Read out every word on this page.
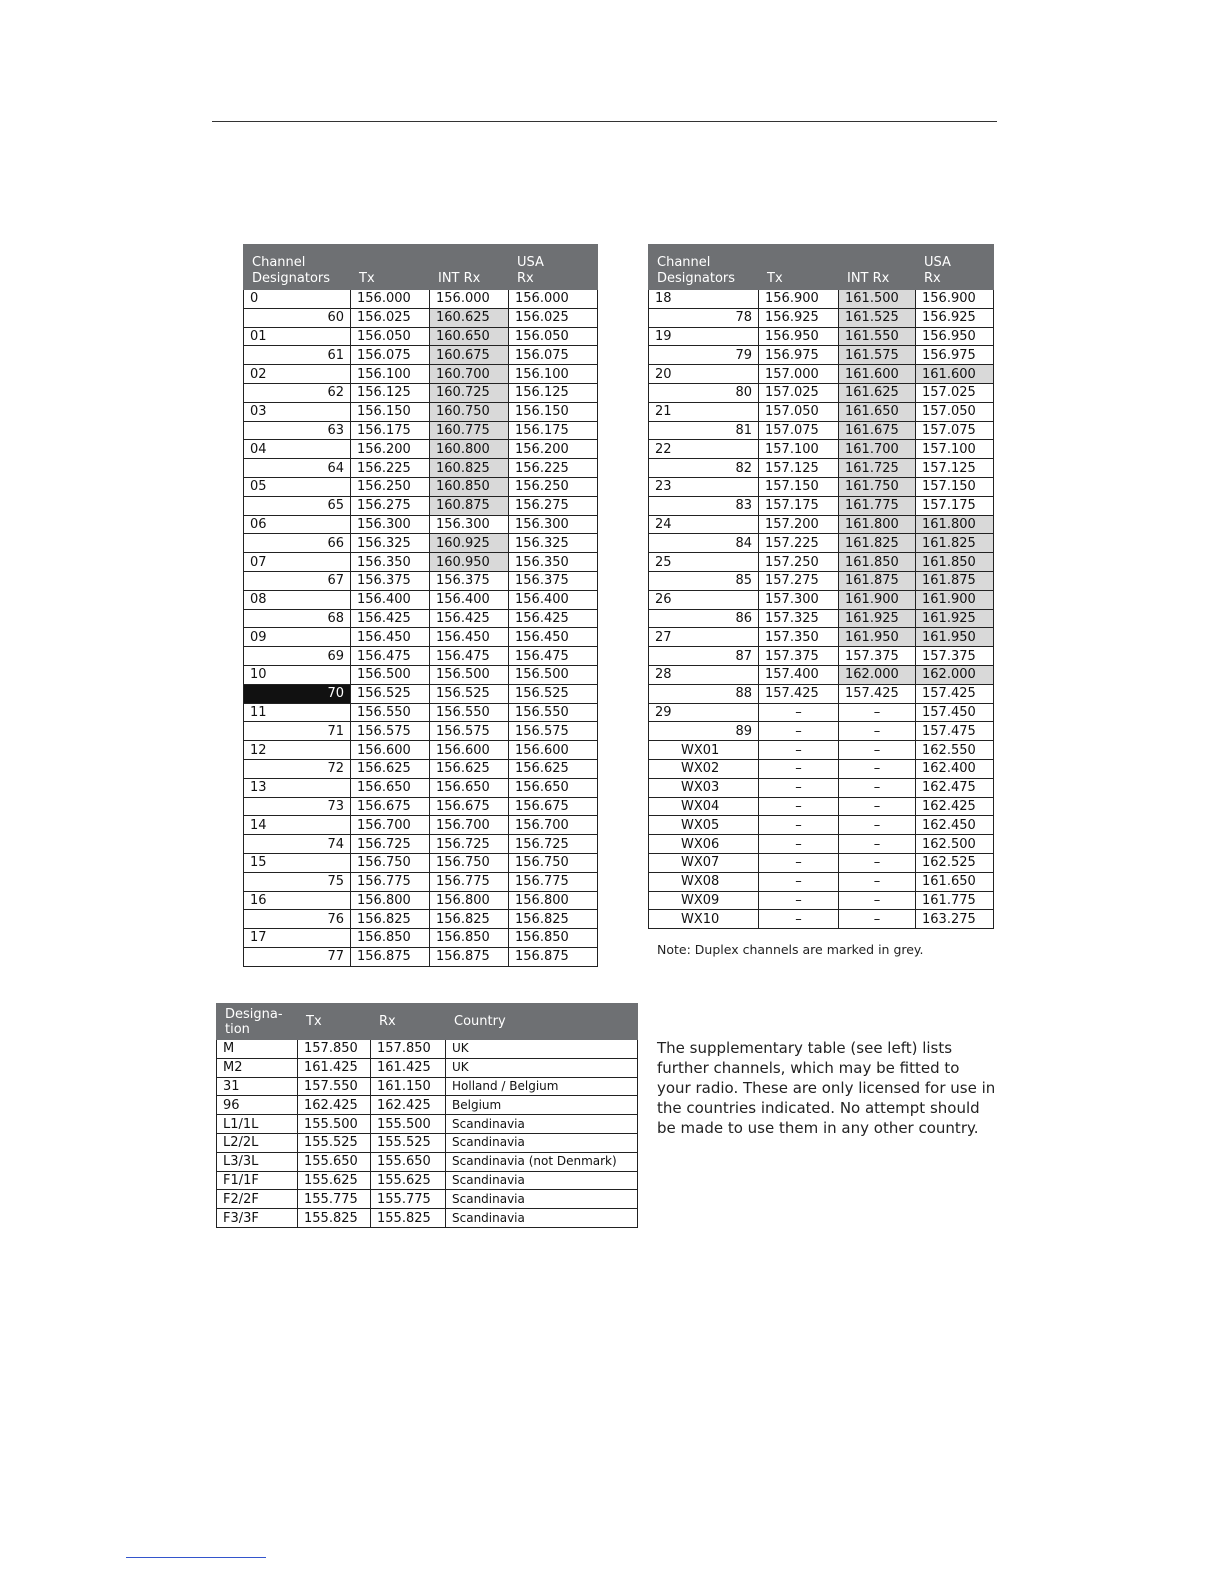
Channel
Designators	Tx	INT Rx	USA
Rx
0	156.000	156.000	156.000
60	156.025	160.625	156.025
01	156.050	160.650	156.050
61	156.075	160.675	156.075
02	156.100	160.700	156.100
62	156.125	160.725	156.125
03	156.150	160.750	156.150
63	156.175	160.775	156.175
04	156.200	160.800	156.200
64	156.225	160.825	156.225
05	156.250	160.850	156.250
65	156.275	160.875	156.275
06	156.300	156.300	156.300
66	156.325	160.925	156.325
07	156.350	160.950	156.350
67	156.375	156.375	156.375
08	156.400	156.400	156.400
68	156.425	156.425	156.425
09	156.450	156.450	156.450
69	156.475	156.475	156.475
10	156.500	156.500	156.500
70	156.525	156.525	156.525
11	156.550	156.550	156.550
71	156.575	156.575	156.575
12	156.600	156.600	156.600
72	156.625	156.625	156.625
13	156.650	156.650	156.650
73	156.675	156.675	156.675
14	156.700	156.700	156.700
74	156.725	156.725	156.725
15	156.750	156.750	156.750
75	156.775	156.775	156.775
16	156.800	156.800	156.800
76	156.825	156.825	156.825
17	156.850	156.850	156.850
77	156.875	156.875	156.875
Channel
Designators	Tx	INT Rx	USA
Rx
18	156.900	161.500	156.900
78	156.925	161.525	156.925
19	156.950	161.550	156.950
79	156.975	161.575	156.975
20	157.000	161.600	161.600
80	157.025	161.625	157.025
21	157.050	161.650	157.050
81	157.075	161.675	157.075
22	157.100	161.700	157.100
82	157.125	161.725	157.125
23	157.150	161.750	157.150
83	157.175	161.775	157.175
24	157.200	161.800	161.800
84	157.225	161.825	161.825
25	157.250	161.850	161.850
85	157.275	161.875	161.875
26	157.300	161.900	161.900
86	157.325	161.925	161.925
27	157.350	161.950	161.950
87	157.375	157.375	157.375
28	157.400	162.000	162.000
88	157.425	157.425	157.425
29	–	–	157.450
89	–	–	157.475
WX01	–	–	162.550
WX02	–	–	162.400
WX03	–	–	162.475
WX04	–	–	162.425
WX05	–	–	162.450
WX06	–	–	162.500
WX07	–	–	162.525
WX08	–	–	161.650
WX09	–	–	161.775
WX10	–	–	163.275
Note: Duplex channels are marked in grey.
Designa-
tion	Tx	Rx	Country
M	157.850	157.850	UK
M2	161.425	161.425	UK
31	157.550	161.150	Holland / Belgium
96	162.425	162.425	Belgium
L1/1L	155.500	155.500	Scandinavia
L2/2L	155.525	155.525	Scandinavia
L3/3L	155.650	155.650	Scandinavia (not Denmark)
F1/1F	155.625	155.625	Scandinavia
F2/2F	155.775	155.775	Scandinavia
F3/3F	155.825	155.825	Scandinavia
The supplementary table (see left) lists further channels, which may be fitted to your radio. These are only licensed for use in the countries indicated. No attempt should be made to use them in any other country.
